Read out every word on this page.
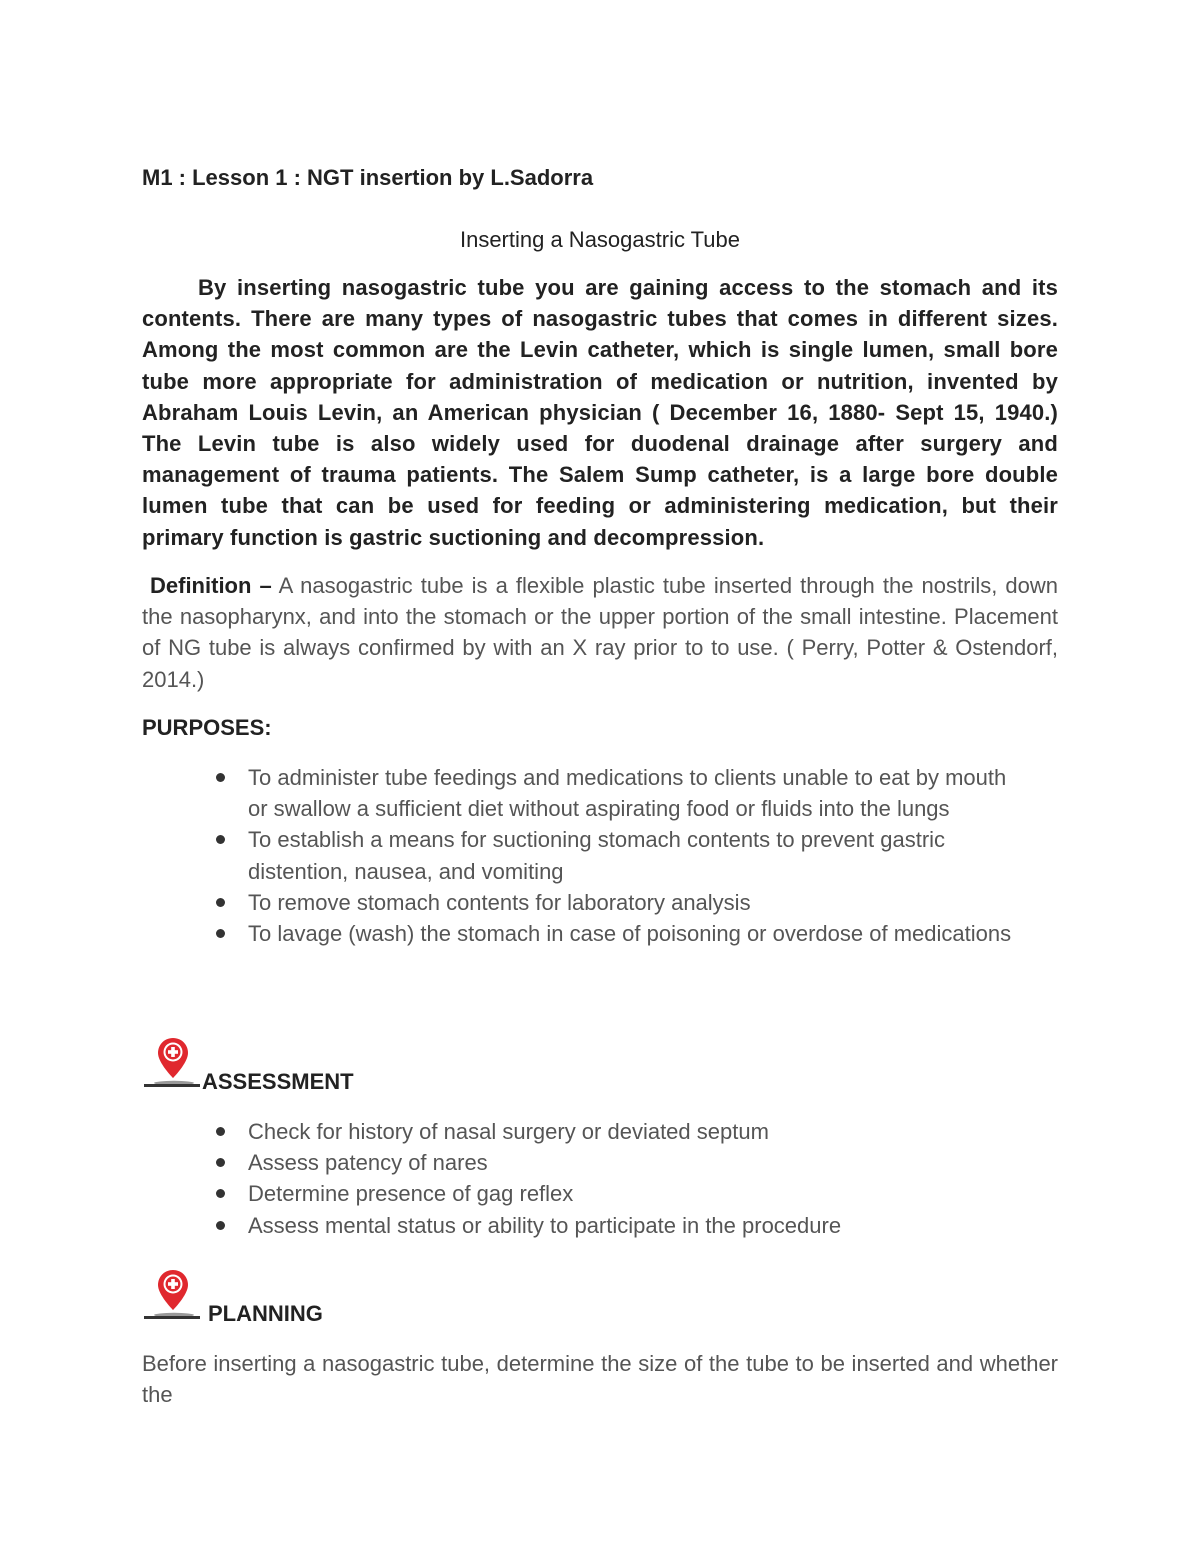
M1 : Lesson 1 : NGT insertion by L.Sadorra
Inserting a Nasogastric Tube

By inserting nasogastric tube you are gaining access to the stomach and its contents. There are many types of nasogastric tubes that comes in different sizes. Among the most common are the Levin catheter, which is single lumen, small bore tube more appropriate for administration of medication or nutrition, invented by Abraham Louis Levin, an American physician ( December 16, 1880- Sept 15, 1940.) The Levin tube is also widely used for duodenal drainage after surgery and management of trauma patients. The Salem Sump catheter, is a large bore double lumen tube that can be used for feeding or administering medication, but their primary function is gastric suctioning and decompression.

Definition – A nasogastric tube is a flexible plastic tube inserted through the nostrils, down the nasopharynx, and into the stomach or the upper portion of the small intestine. Placement of NG tube is always confirmed by with an X ray prior to to use. ( Perry, Potter & Ostendorf, 2014.)

PURPOSES:
To administer tube feedings and medications to clients unable to eat by mouth or swallow a sufficient diet without aspirating food or fluids into the lungs
To establish a means for suctioning stomach contents to prevent gastric distention, nausea, and vomiting
To remove stomach contents for laboratory analysis
To lavage (wash) the stomach in case of poisoning or overdose of medications
ASSESSMENT
Check for history of nasal surgery or deviated septum
Assess patency of nares
Determine presence of gag reflex
Assess mental status or ability to participate in the procedure
PLANNING

Before inserting a nasogastric tube, determine the size of the tube to be inserted and whether the
